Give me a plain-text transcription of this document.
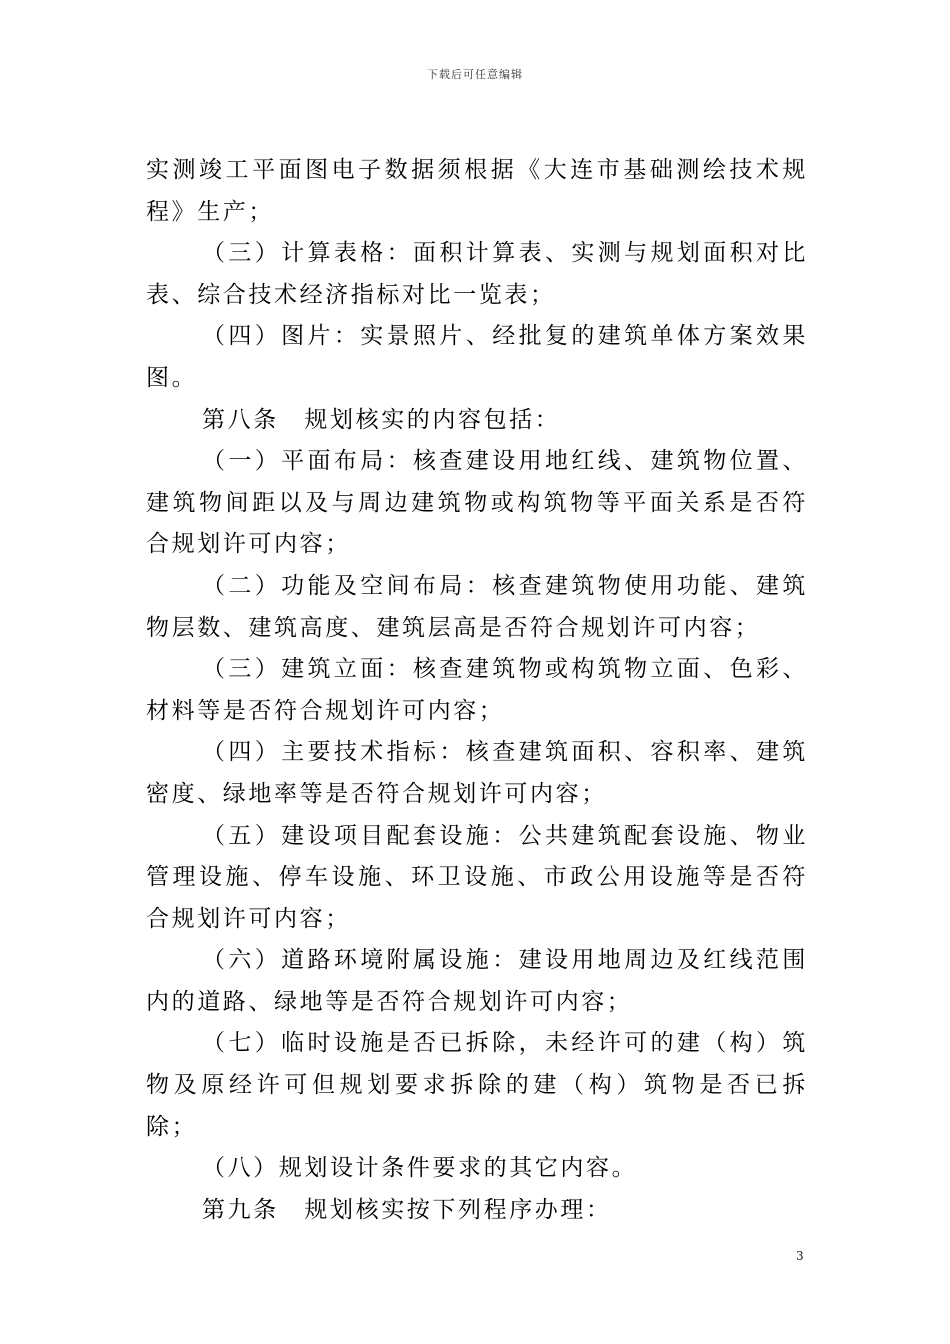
下载后可任意编辑

实测竣工平面图电子数据须根据《大连市基础测绘技术规程》生产；

（三）计算表格：面积计算表、实测与规划面积对比表、综合技术经济指标对比一览表；

（四）图片：实景照片、经批复的建筑单体方案效果图。

第八条　规划核实的内容包括：

（一）平面布局：核查建设用地红线、建筑物位置、建筑物间距以及与周边建筑物或构筑物等平面关系是否符合规划许可内容；

（二）功能及空间布局：核查建筑物使用功能、建筑物层数、建筑高度、建筑层高是否符合规划许可内容；

（三）建筑立面：核查建筑物或构筑物立面、色彩、材料等是否符合规划许可内容；

（四）主要技术指标：核查建筑面积、容积率、建筑密度、绿地率等是否符合规划许可内容；

（五）建设项目配套设施：公共建筑配套设施、物业管理设施、停车设施、环卫设施、市政公用设施等是否符合规划许可内容；

（六）道路环境附属设施：建设用地周边及红线范围内的道路、绿地等是否符合规划许可内容；

（七）临时设施是否已拆除，未经许可的建（构）筑物及原经许可但规划要求拆除的建（构）筑物是否已拆除；

（八）规划设计条件要求的其它内容。

第九条　规划核实按下列程序办理：

3
